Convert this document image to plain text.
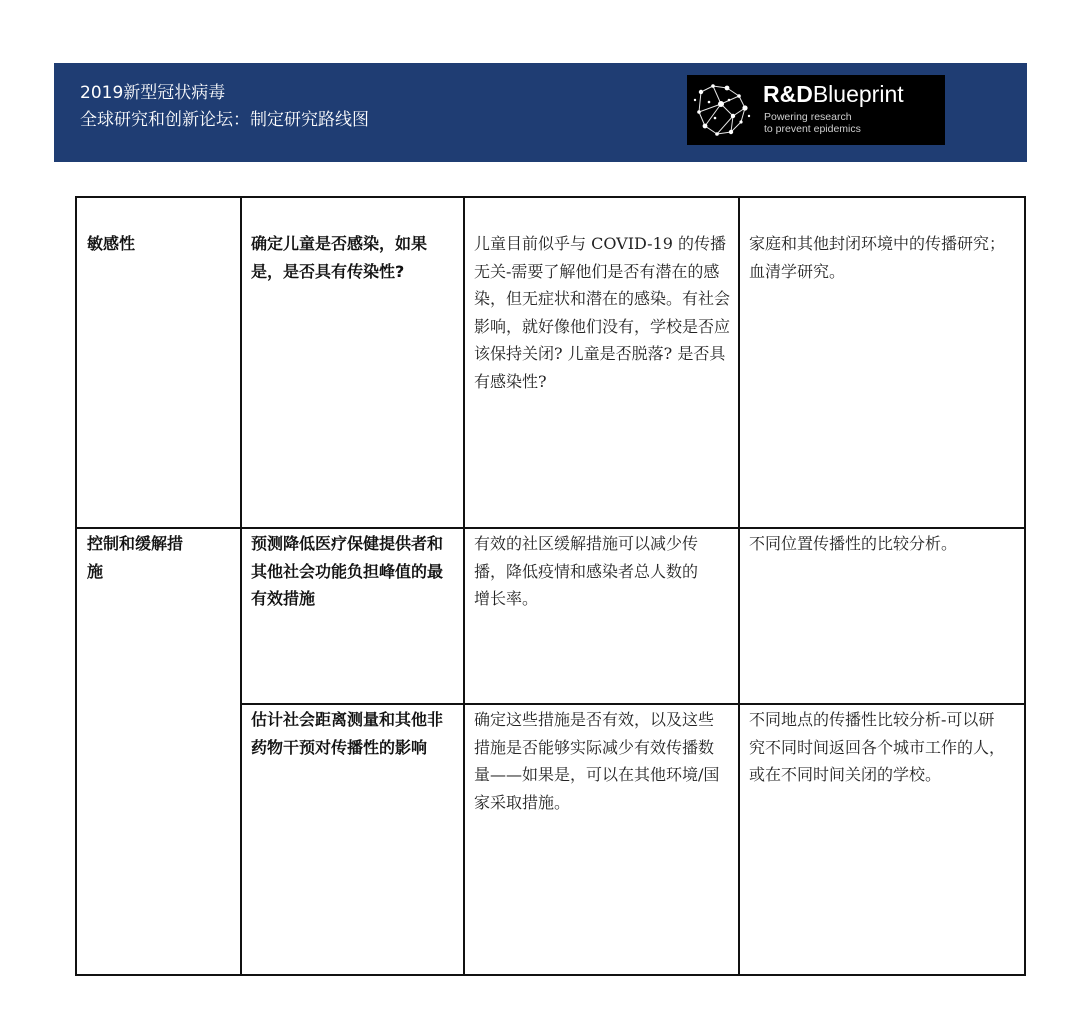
2019新型冠状病毒
全球研究和创新论坛：制定研究路线图
R&DBlueprint
Powering research
to prevent epidemics
敏感性	确定儿童是否感染，如果是，是否具有传染性?
儿童目前似乎与 COVID-19 的传播无关-需要了解他们是否有潜在的感染，但无症状和潜在的感染。有社会影响，就好像他们没有，学校是否应该保持关闭? 儿童是否脱落? 是否具有感染性?
家庭和其他封闭环境中的传播研究；血清学研究。
控制和缓解措施
预测降低医疗保健提供者和其他社会功能负担峰值的最有效措施
有效的社区缓解措施可以减少传播，降低疫情和感染者总人数的增长率。
不同位置传播性的比较分析。
估计社会距离测量和其他非药物干预对传播性的影响
确定这些措施是否有效，以及这些措施是否能够实际减少有效传播数量——如果是，可以在其他环境/国家采取措施。
不同地点的传播性比较分析-可以研究不同时间返回各个城市工作的人，或在不同时间关闭的学校。
